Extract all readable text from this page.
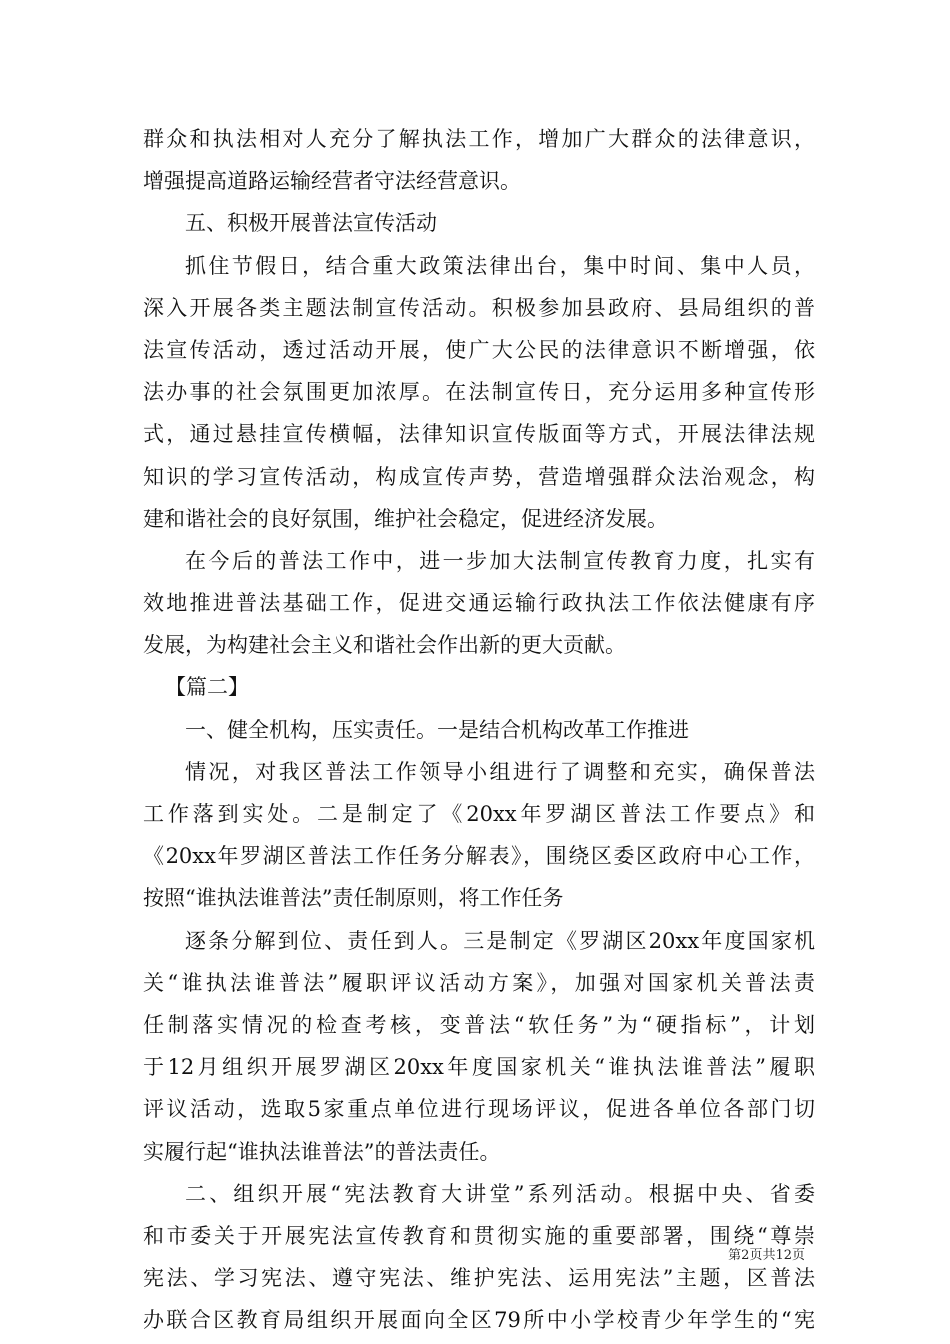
群众和执法相对人充分了解执法工作，增加广大群众的法律意识，
增强提高道路运输经营者守法经营意识。
五、积极开展普法宣传活动
抓住节假日，结合重大政策法律出台，集中时间、集中人员，
深入开展各类主题法制宣传活动。积极参加县政府、县局组织的普
法宣传活动，透过活动开展，使广大公民的法律意识不断增强，依
法办事的社会氛围更加浓厚。在法制宣传日，充分运用多种宣传形
式，通过悬挂宣传横幅，法律知识宣传版面等方式，开展法律法规
知识的学习宣传活动，构成宣传声势，营造增强群众法治观念，构
建和谐社会的良好氛围，维护社会稳定，促进经济发展。
在今后的普法工作中，进一步加大法制宣传教育力度，扎实有
效地推进普法基础工作，促进交通运输行政执法工作依法健康有序
发展，为构建社会主义和谐社会作出新的更大贡献。
【篇二】
一、健全机构，压实责任。一是结合机构改革工作推进
情况，对我区普法工作领导小组进行了调整和充实，确保普法
工作落到实处。二是制定了《20xx年罗湖区普法工作要点》和
《20xx年罗湖区普法工作任务分解表》，围绕区委区政府中心工作，
按照“谁执法谁普法”责任制原则，将工作任务
逐条分解到位、责任到人。三是制定《罗湖区20xx年度国家机
关“谁执法谁普法”履职评议活动方案》，加强对国家机关普法责
任制落实情况的检查考核，变普法“软任务”为“硬指标”，计划
于12月组织开展罗湖区20xx年度国家机关“谁执法谁普法”履职
评议活动，选取5家重点单位进行现场评议，促进各单位各部门切
实履行起“谁执法谁普法”的普法责任。
二、组织开展“宪法教育大讲堂”系列活动。根据中央、省委
和市委关于开展宪法宣传教育和贯彻实施的重要部署，围绕“尊崇
宪法、学习宪法、遵守宪法、维护宪法、运用宪法”主题，区普法
办联合区教育局组织开展面向全区79所中小学校青少年学生的“宪
第2页共12页
